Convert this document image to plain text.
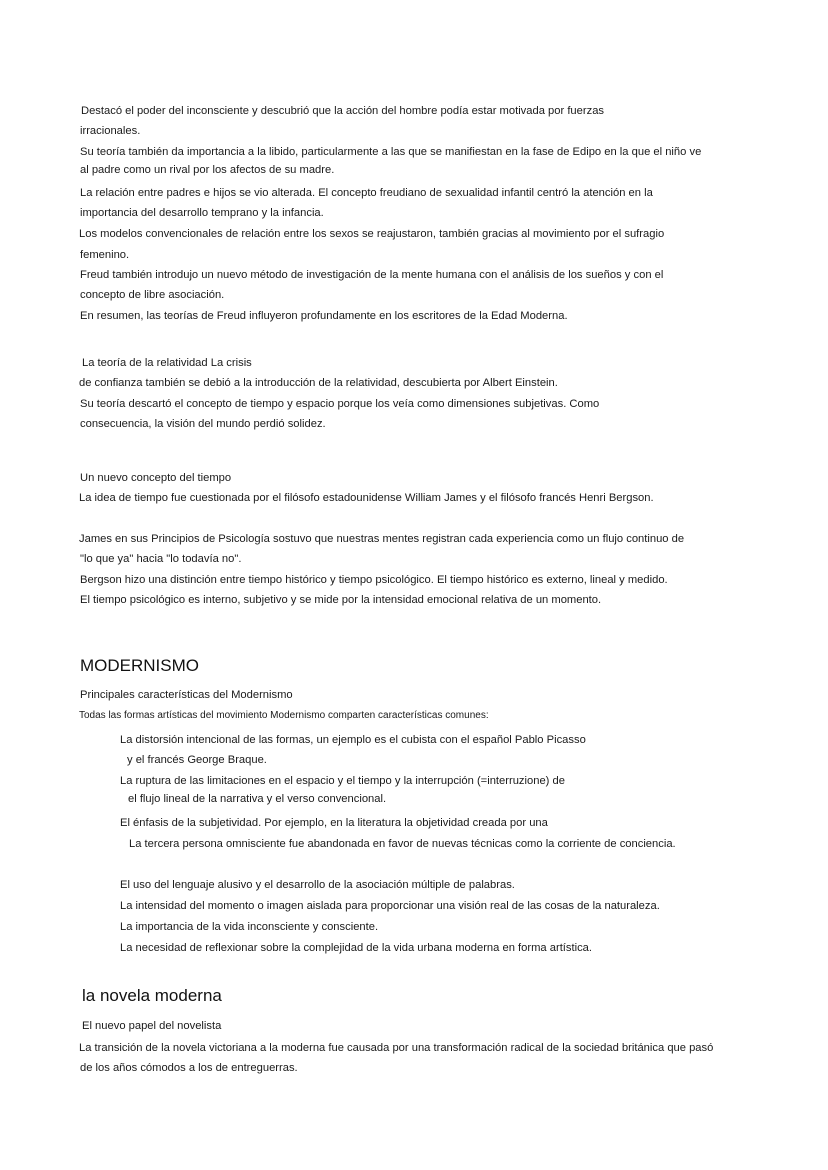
Destacó el poder del inconsciente y descubrió que la acción del hombre podía estar motivada por fuerzas
irracionales.
Su teoría también da importancia a la libido, particularmente a las que se manifiestan en la fase de Edipo en la que el niño ve
al padre como un rival por los afectos de su madre.
La relación entre padres e hijos se vio alterada. El concepto freudiano de sexualidad infantil centró la atención en la
importancia del desarrollo temprano y la infancia.
Los modelos convencionales de relación entre los sexos se reajustaron, también gracias al movimiento por el sufragio
femenino.
Freud también introdujo un nuevo método de investigación de la mente humana con el análisis de los sueños y con el
concepto de libre asociación.
En resumen, las teorías de Freud influyeron profundamente en los escritores de la Edad Moderna.
La teoría de la relatividad La crisis
de confianza también se debió a la introducción de la relatividad, descubierta por Albert Einstein.
Su teoría descartó el concepto de tiempo y espacio porque los veía como dimensiones subjetivas. Como
consecuencia, la visión del mundo perdió solidez.
Un nuevo concepto del tiempo
La idea de tiempo fue cuestionada por el filósofo estadounidense William James y el filósofo francés Henri Bergson.
James en sus Principios de Psicología sostuvo que nuestras mentes registran cada experiencia como un flujo continuo de
"lo que ya" hacia "lo todavía no".
Bergson hizo una distinción entre tiempo histórico y tiempo psicológico. El tiempo histórico es externo, lineal y medido.
El tiempo psicológico es interno, subjetivo y se mide por la intensidad emocional relativa de un momento.
MODERNISMO
Principales características del Modernismo
Todas las formas artísticas del movimiento Modernismo comparten características comunes:
La distorsión intencional de las formas, un ejemplo es el cubista con el español Pablo Picasso
y el francés George Braque.
La ruptura de las limitaciones en el espacio y el tiempo y la interrupción (=interruzione) de
el flujo lineal de la narrativa y el verso convencional.
El énfasis de la subjetividad. Por ejemplo, en la literatura la objetividad creada por una
La tercera persona omnisciente fue abandonada en favor de nuevas técnicas como la corriente de conciencia.
El uso del lenguaje alusivo y el desarrollo de la asociación múltiple de palabras.
La intensidad del momento o imagen aislada para proporcionar una visión real de las cosas de la naturaleza.
La importancia de la vida inconsciente y consciente.
La necesidad de reflexionar sobre la complejidad de la vida urbana moderna en forma artística.
la novela moderna
El nuevo papel del novelista
La transición de la novela victoriana a la moderna fue causada por una transformación radical de la sociedad británica que pasó
de los años cómodos a los de entreguerras.
